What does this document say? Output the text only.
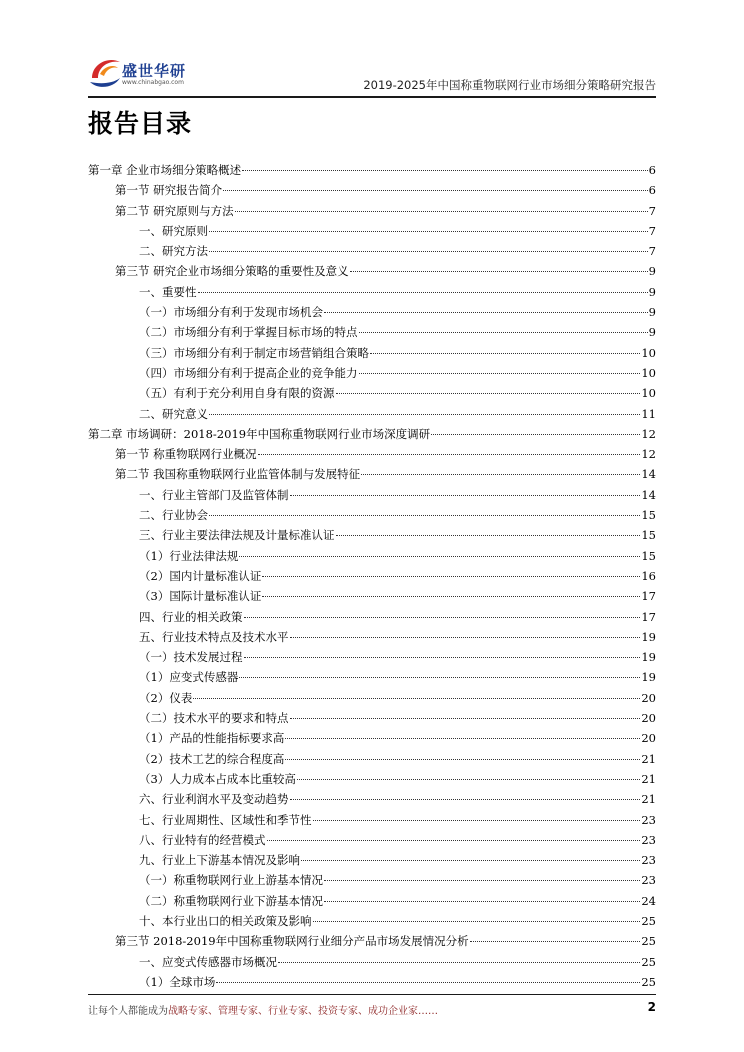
盛世华研
www.chinabgao.com	2019-2025年中国称重物联网行业市场细分策略研究报告
报告目录
第一章 企业市场细分策略概述	6
第一节 研究报告简介	6
第二节 研究原则与方法	7
一、研究原则	7
二、研究方法	7
第三节 研究企业市场细分策略的重要性及意义	9
一、重要性	9
（一）市场细分有利于发现市场机会	9
（二）市场细分有利于掌握目标市场的特点	9
（三）市场细分有利于制定市场营销组合策略	10
（四）市场细分有利于提高企业的竞争能力	10
（五）有利于充分利用自身有限的资源	10
二、研究意义	11
第二章 市场调研：2018-2019年中国称重物联网行业市场深度调研	12
第一节 称重物联网行业概况	12
第二节 我国称重物联网行业监管体制与发展特征	14
一、行业主管部门及监管体制	14
二、行业协会	15
三、行业主要法律法规及计量标准认证	15
（1）行业法律法规	15
（2）国内计量标准认证	16
（3）国际计量标准认证	17
四、行业的相关政策	17
五、行业技术特点及技术水平	19
（一）技术发展过程	19
（1）应变式传感器	19
（2）仪表	20
（二）技术水平的要求和特点	20
（1）产品的性能指标要求高	20
（2）技术工艺的综合程度高	21
（3）人力成本占成本比重较高	21
六、行业利润水平及变动趋势	21
七、行业周期性、区域性和季节性	23
八、行业特有的经营模式	23
九、行业上下游基本情况及影响	23
（一）称重物联网行业上游基本情况	23
（二）称重物联网行业下游基本情况	24
十、本行业出口的相关政策及影响	25
第三节 2018-2019年中国称重物联网行业细分产品市场发展情况分析	25
一、应变式传感器市场概况	25
（1）全球市场	25
让每个人都能成为战略专家、管理专家、行业专家、投资专家、成功企业家……	2
